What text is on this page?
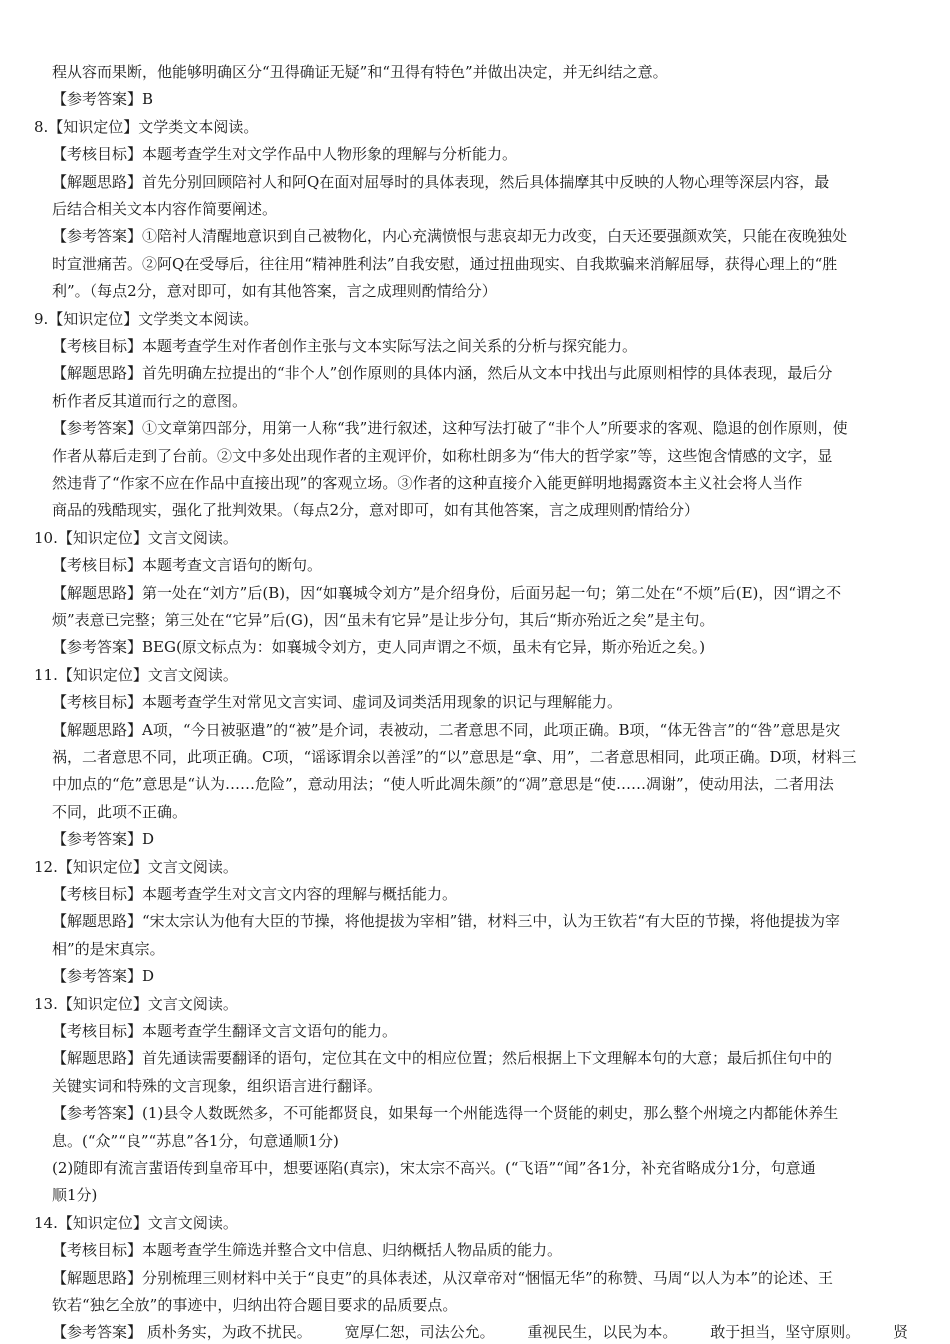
程从容而果断，他能够明确区分“丑得确证无疑”和“丑得有特色”并做出决定，并无纠结之意。
【参考答案】B
8.【知识定位】文学类文本阅读。
【考核目标】本题考查学生对文学作品中人物形象的理解与分析能力。
【解题思路】首先分别回顾陪衬人和阿Q在面对屈辱时的具体表现，然后具体揣摩其中反映的人物心理等深层内容，最
后结合相关文本内容作简要阐述。
【参考答案】①陪衬人清醒地意识到自己被物化，内心充满愤恨与悲哀却无力改变，白天还要强颜欢笑，只能在夜晚独处
时宣泄痛苦。②阿Q在受辱后，往往用“精神胜利法”自我安慰，通过扭曲现实、自我欺骗来消解屈辱，获得心理上的“胜
利”。（每点2分，意对即可，如有其他答案，言之成理则酌情给分）
9.【知识定位】文学类文本阅读。
【考核目标】本题考查学生对作者创作主张与文本实际写法之间关系的分析与探究能力。
【解题思路】首先明确左拉提出的“非个人”创作原则的具体内涵，然后从文本中找出与此原则相悖的具体表现，最后分
析作者反其道而行之的意图。
【参考答案】①文章第四部分，用第一人称“我”进行叙述，这种写法打破了“非个人”所要求的客观、隐退的创作原则，使
作者从幕后走到了台前。②文中多处出现作者的主观评价，如称杜朗多为“伟大的哲学家”等，这些饱含情感的文字，显
然违背了“作家不应在作品中直接出现”的客观立场。③作者的这种直接介入能更鲜明地揭露资本主义社会将人当作
商品的残酷现实，强化了批判效果。（每点2分，意对即可，如有其他答案，言之成理则酌情给分）
10.【知识定位】文言文阅读。
【考核目标】本题考查文言语句的断句。
【解题思路】第一处在“刘方”后(B)，因“如襄城令刘方”是介绍身份，后面另起一句；第二处在“不烦”后(E)，因“谓之不
烦”表意已完整；第三处在“它异”后(G)，因“虽未有它异”是让步分句，其后“斯亦殆近之矣”是主句。
【参考答案】BEG(原文标点为：如襄城令刘方，吏人同声谓之不烦，虽未有它异，斯亦殆近之矣。)
11.【知识定位】文言文阅读。
【考核目标】本题考查学生对常见文言实词、虚词及词类活用现象的识记与理解能力。
【解题思路】A项，“今日被驱遣”的“被”是介词，表被动，二者意思不同，此项正确。B项，“体无咎言”的“咎”意思是灾
祸，二者意思不同，此项正确。C项，“谣诼谓余以善淫”的“以”意思是“拿、用”，二者意思相同，此项正确。D项，材料三
中加点的“危”意思是“认为……危险”，意动用法；“使人听此凋朱颜”的“凋”意思是“使……凋谢”，使动用法，二者用法
不同，此项不正确。
【参考答案】D
12.【知识定位】文言文阅读。
【考核目标】本题考查学生对文言文内容的理解与概括能力。
【解题思路】“宋太宗认为他有大臣的节操，将他提拔为宰相”错，材料三中，认为王钦若“有大臣的节操，将他提拔为宰
相”的是宋真宗。
【参考答案】D
13.【知识定位】文言文阅读。
【考核目标】本题考查学生翻译文言文语句的能力。
【解题思路】首先通读需要翻译的语句，定位其在文中的相应位置；然后根据上下文理解本句的大意；最后抓住句中的
关键实词和特殊的文言现象，组织语言进行翻译。
【参考答案】(1)县令人数既然多，不可能都贤良，如果每一个州能选得一个贤能的刺史，那么整个州境之内都能休养生
息。(“众”“良”“苏息”各1分，句意通顺1分)
(2)随即有流言蜚语传到皇帝耳中，想要诬陷(真宗)，宋太宗不高兴。(“飞语”“闻”各1分，补充省略成分1分，句意通
顺1分)
14.【知识定位】文言文阅读。
【考核目标】本题考查学生筛选并整合文中信息、归纳概括人物品质的能力。
【解题思路】分别梳理三则材料中关于“良吏”的具体表述，从汉章帝对“悃愊无华”的称赞、马周“以人为本”的论述、王
钦若“独乞全放”的事迹中，归纳出符合题目要求的品质要点。
【参考答案】 质朴务实，为政不扰民。 宽厚仁恕，司法公允。 重视民生，以民为本。 敢于担当，坚守原则。 贤
